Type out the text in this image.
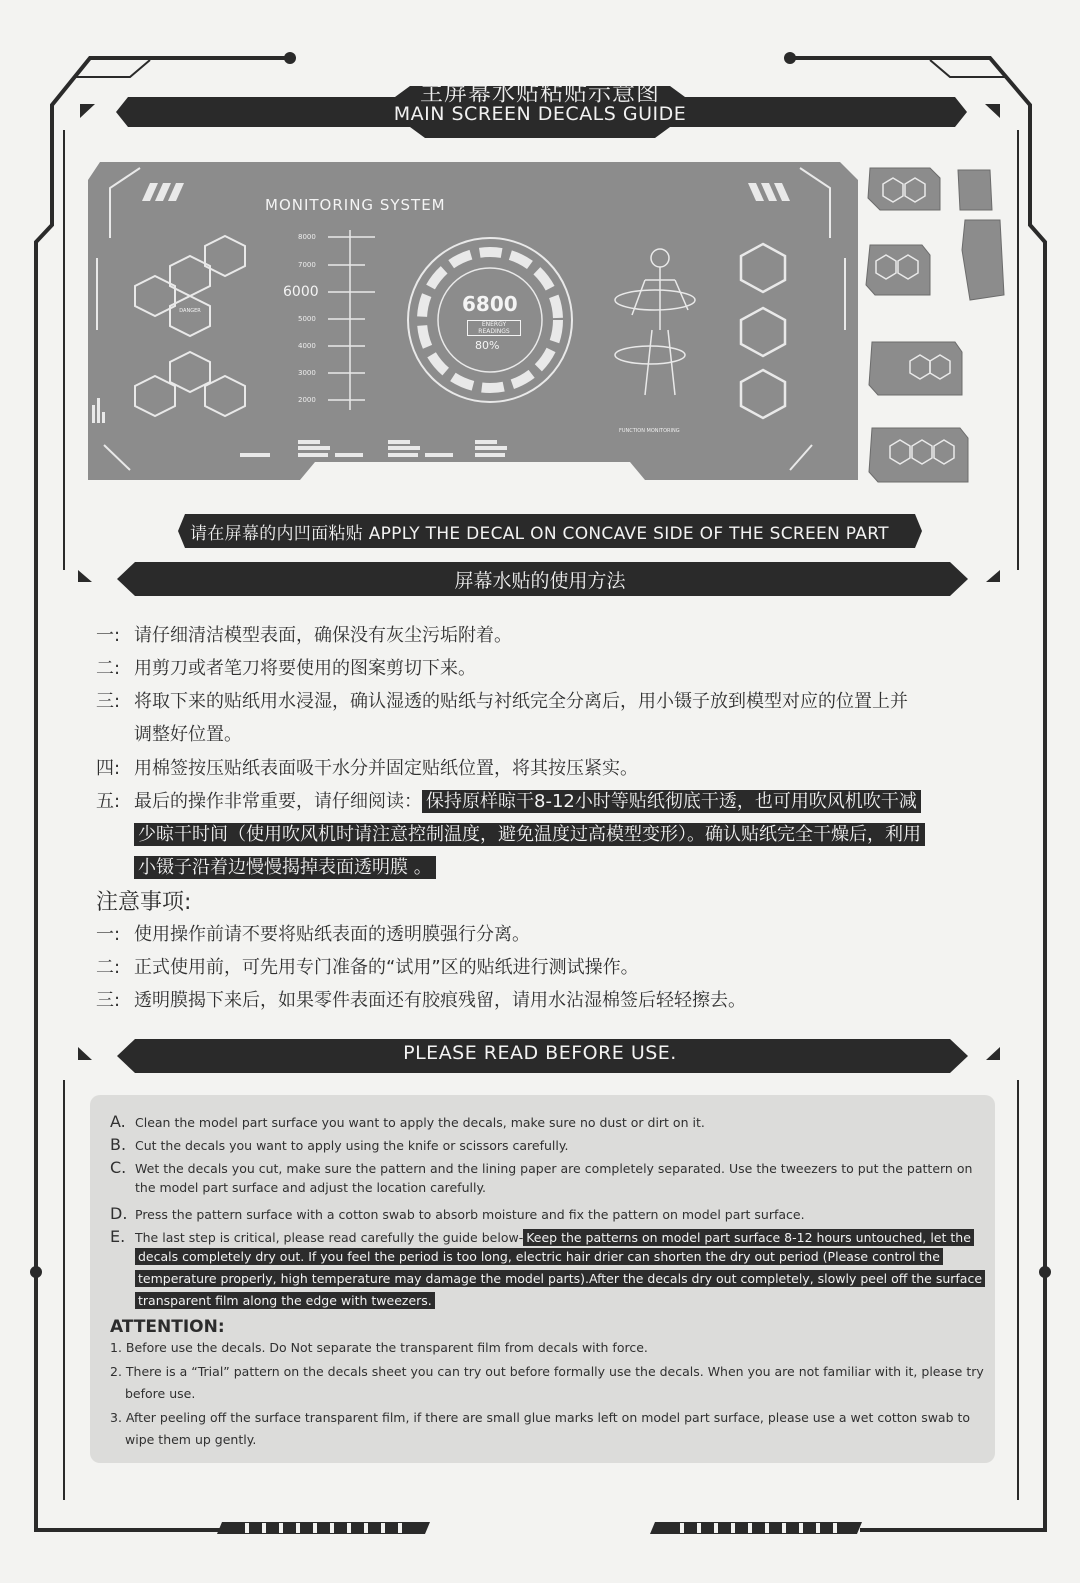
主屏幕水贴粘贴示意图
MAIN SCREEN DECALS GUIDE
MONITORING SYSTEM
8000
7000
6000
5000
4000
3000
2000
6800
ENERGY READINGS
80%
DANGER
FUNCTION MONITORING
请在屏幕的内凹面粘贴 APPLY THE DECAL ON CONCAVE SIDE OF THE SCREEN PART
屏幕水贴的使用方法
一: 请仔细清洁模型表面，确保没有灰尘污垢附着。
二: 用剪刀或者笔刀将要使用的图案剪切下来。
三: 将取下来的贴纸用水浸湿，确认湿透的贴纸与衬纸完全分离后，用小镊子放到模型对应的位置上并
调整好位置。
四: 用棉签按压贴纸表面吸干水分并固定贴纸位置，将其按压紧实。
五: 最后的操作非常重要，请仔细阅读： 保持原样晾干8-12小时等贴纸彻底干透，也可用吹风机吹干减
少晾干时间（使用吹风机时请注意控制温度，避免温度过高模型变形）。确认贴纸完全干燥后，利用
小镊子沿着边慢慢揭掉表面透明膜 。
注意事项:
一: 使用操作前请不要将贴纸表面的透明膜强行分离。
二: 正式使用前，可先用专门准备的“试用”区的贴纸进行测试操作。
三: 透明膜揭下来后，如果零件表面还有胶痕残留，请用水沾湿棉签后轻轻擦去。
PLEASE READ BEFORE USE.
A. Clean the model part surface you want to apply the decals, make sure no dust or dirt on it.
B. Cut the decals you want to apply using the knife or scissors carefully.
C. Wet the decals you cut, make sure the pattern and the lining paper are completely separated. Use the tweezers to put the pattern on
the model part surface and adjust the location carefully.
D. Press the pattern surface with a cotton swab to absorb moisture and fix the pattern on model part surface.
E. The last step is critical, please read carefully the guide below- Keep the patterns on model part surface 8-12 hours untouched, let the
decals completely dry out. If you feel the period is too long, electric hair drier can shorten the dry out period (Please control the
temperature properly, high temperature may damage the model parts).After the decals dry out completely, slowly peel off the surface
transparent film along the edge with tweezers.
ATTENTION:
1. Before use the decals. Do Not separate the transparent film from decals with force.
2. There is a “Trial” pattern on the decals sheet you can try out before formally use the decals. When you are not familiar with it, please try
before use.
3. After peeling off the surface transparent film, if there are small glue marks left on model part surface, please use a wet cotton swab to
wipe them up gently.
